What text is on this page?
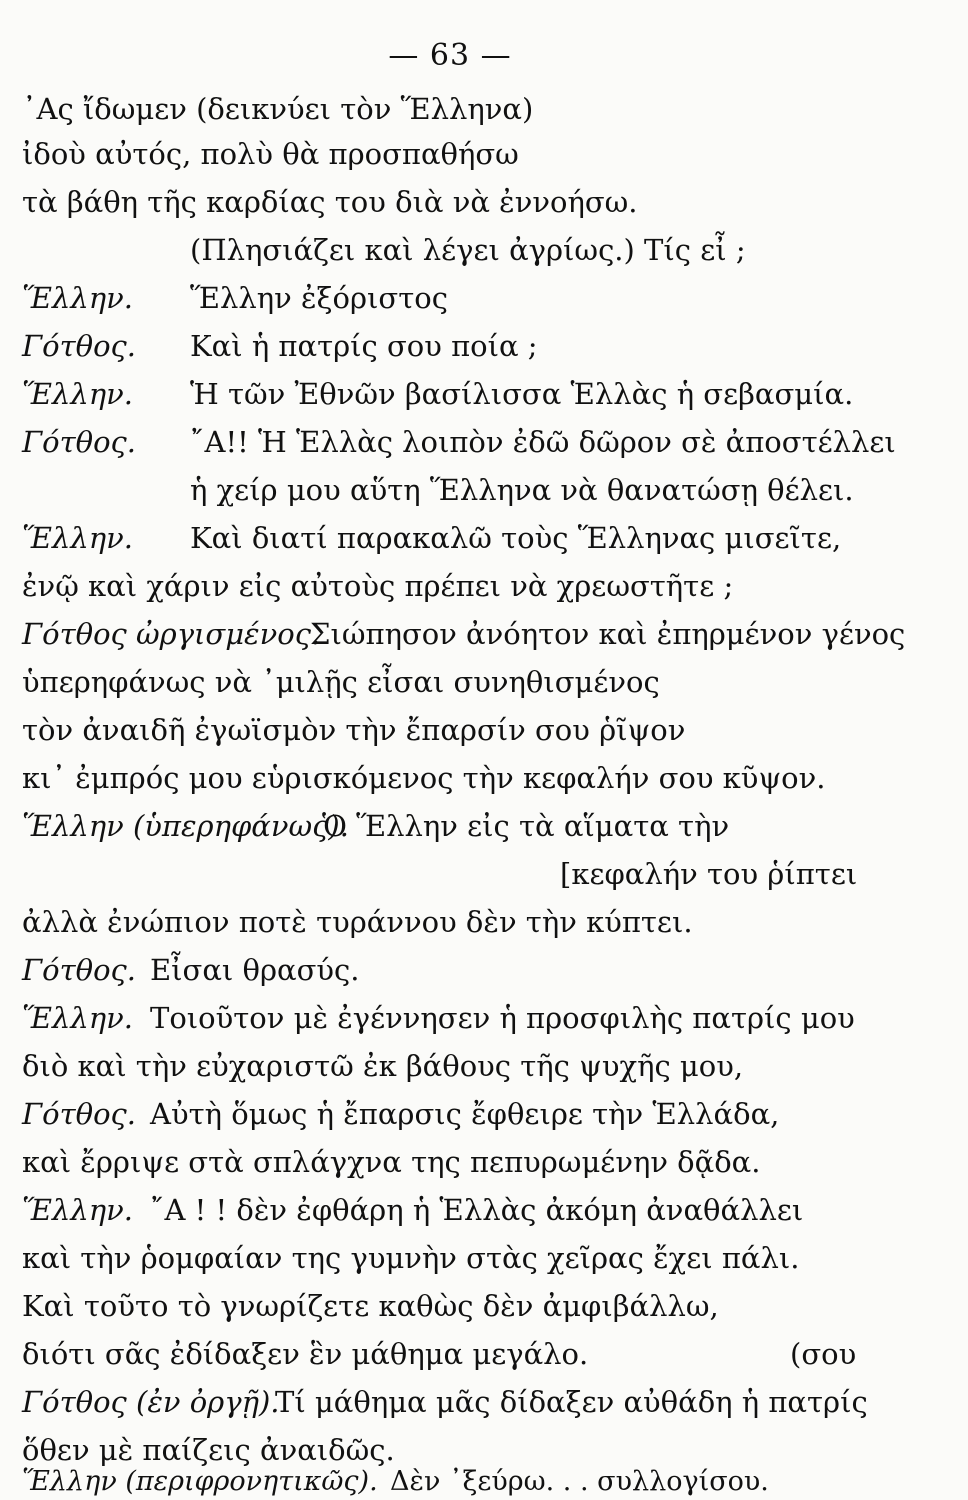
— 63 —
᾿Ας ἴδωμεν (δεικνύει τὸν Ἕλληνα)
ἰδοὺ αὐτός, πολὺ θὰ προσπαθήσω
τὰ βάθη τῆς καρδίας του διὰ νὰ ἐννοήσω.
(Πλησιάζει καὶ λέγει ἀγρίως.) Τίς εἶ ;
Ἕλλην. Ἕλλην ἐξόριστος
Γότθος. Καὶ ἡ πατρίς σου ποία ;
Ἕλλην. Ἡ τῶν Ἐθνῶν βασίλισσα Ἑλλὰς ἡ σεβασμία.
Γότθος. ῎Α!! Ἡ Ἑλλὰς λοιπὸν ἐδῶ δῶρον σὲ ἀποστέλλει
ἡ χείρ μου αὕτη Ἕλληνα νὰ θανατώσῃ θέλει.
Ἕλλην. Καὶ διατί παρακαλῶ τοὺς Ἕλληνας μισεῖτε,
ἐνῷ καὶ χάριν εἰς αὐτοὺς πρέπει νὰ χρεωστῆτε ;
Γότθος ὠργισμένος.
Σιώπησον ἀνόητον καὶ ἐπηρμένον γένος
ὑπερηφάνως νὰ ᾿μιλῇς εἶσαι συνηθισμένος
τὸν ἀναιδῆ ἐγωϊσμὸν τὴν ἔπαρσίν σου ῥῖψον
κι᾿ ἐμπρός μου εὑρισκόμενος τὴν κεφαλήν σου κῦψον.
Ἕλλην (ὑπερηφάνως).
Ὁ Ἕλλην εἰς τὰ αἵματα τὴν
[κεφαλήν του ῥίπτει
ἀλλὰ ἐνώπιον ποτὲ τυράννου δὲν τὴν κύπτει.
Γότθος. Εἶσαι θρασύς.
Ἕλλην. Τοιοῦτον μὲ ἐγέννησεν ἡ προσφιλὴς πατρίς μου
διὸ καὶ τὴν εὐχαριστῶ ἐκ βάθους τῆς ψυχῆς μου,
Γότθος. Αὐτὴ ὅμως ἡ ἔπαρσις ἔφθειρε τὴν Ἑλλάδα,
καὶ ἔρριψε στὰ σπλάγχνα της πεπυρωμένην δᾷδα.
Ἕλλην. ῎Α ! ! δὲν ἐφθάρη ἡ Ἑλλὰς ἀκόμη ἀναθάλλει
καὶ τὴν ῥομφαίαν της γυμνὴν στὰς χεῖρας ἔχει πάλι.
Καὶ τοῦτο τὸ γνωρίζετε καθὼς δὲν ἀμφιβάλλω,
διότι σᾶς ἐδίδαξεν ἓν μάθημα μεγάλο.	(σου
Γότθος (ἐν ὀργῇ).
Τί μάθημα μᾶς δίδαξεν αὐθάδη ἡ πατρίς
ὅθεν μὲ παίζεις ἀναιδῶς.
Ἕλλην (περιφρονητικῶς). Δὲν ᾿ξεύρω. . . συλλογίσου.
